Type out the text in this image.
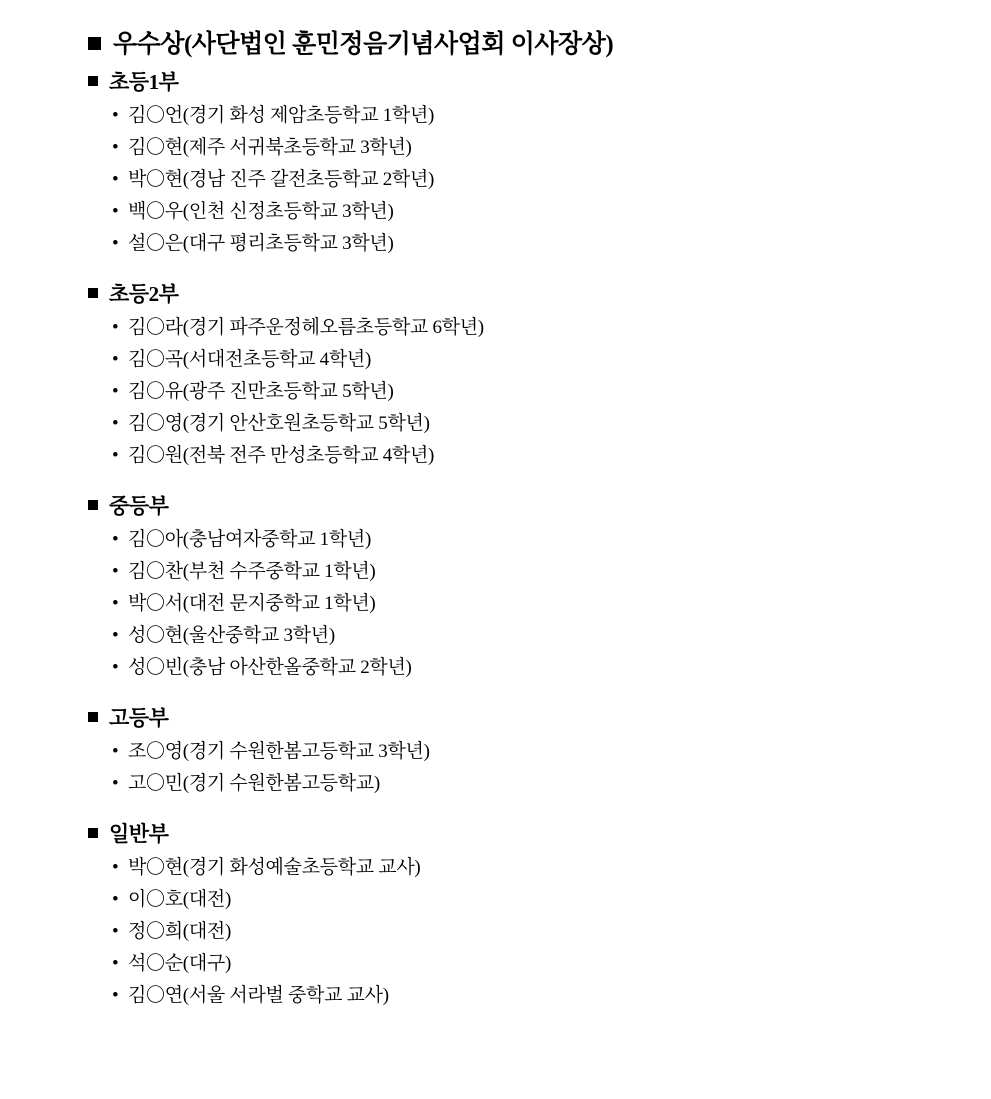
우수상(사단법인 훈민정음기념사업회 이사장상)
초등1부
• 김〇언(경기 화성 제암초등학교 1학년)
• 김〇현(제주 서귀북초등학교 3학년)
• 박〇현(경남 진주 갈전초등학교 2학년)
• 백〇우(인천 신정초등학교 3학년)
• 설〇은(대구 평리초등학교 3학년)
초등2부
• 김〇라(경기 파주운정헤오름초등학교 6학년)
• 김〇곡(서대전초등학교 4학년)
• 김〇유(광주 진만초등학교 5학년)
• 김〇영(경기 안산호원초등학교 5학년)
• 김〇원(전북 전주 만성초등학교 4학년)
중등부
• 김〇아(충남여자중학교 1학년)
• 김〇찬(부천 수주중학교 1학년)
• 박〇서(대전 문지중학교 1학년)
• 성〇현(울산중학교 3학년)
• 성〇빈(충남 아산한올중학교 2학년)
고등부
• 조〇영(경기 수원한봄고등학교 3학년)
• 고〇민(경기 수원한봄고등학교)
일반부
• 박〇현(경기 화성예술초등학교 교사)
• 이〇호(대전)
• 정〇희(대전)
• 석〇순(대구)
• 김〇연(서울 서라벌 중학교 교사)
